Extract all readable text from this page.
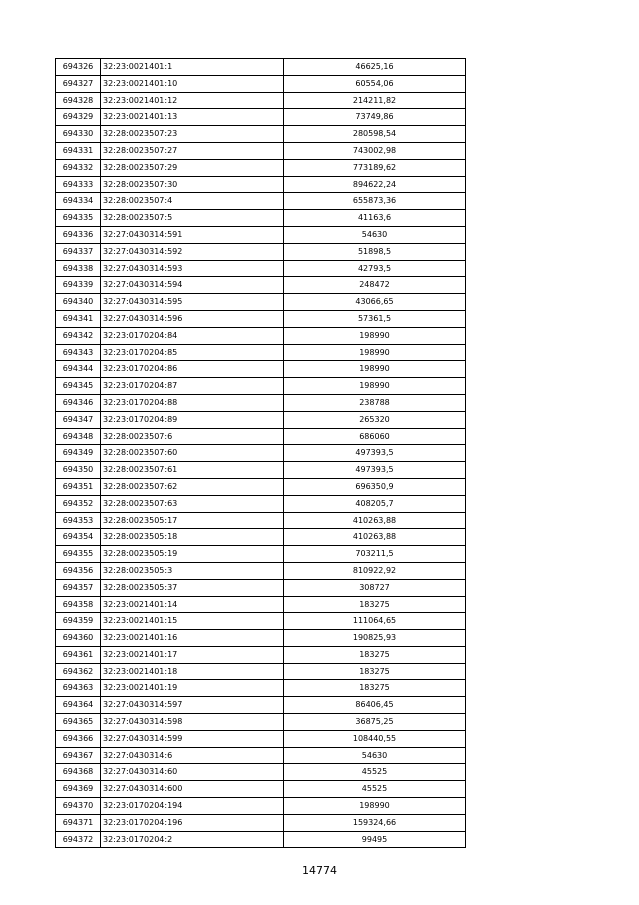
694326	32:23:0021401:1	46625,16
694327	32:23:0021401:10	60554,06
694328	32:23:0021401:12	214211,82
694329	32:23:0021401:13	73749,86
694330	32:28:0023507:23	280598,54
694331	32:28:0023507:27	743002,98
694332	32:28:0023507:29	773189,62
694333	32:28:0023507:30	894622,24
694334	32:28:0023507:4	655873,36
694335	32:28:0023507:5	41163,6
694336	32:27:0430314:591	54630
694337	32:27:0430314:592	51898,5
694338	32:27:0430314:593	42793,5
694339	32:27:0430314:594	248472
694340	32:27:0430314:595	43066,65
694341	32:27:0430314:596	57361,5
694342	32:23:0170204:84	198990
694343	32:23:0170204:85	198990
694344	32:23:0170204:86	198990
694345	32:23:0170204:87	198990
694346	32:23:0170204:88	238788
694347	32:23:0170204:89	265320
694348	32:28:0023507:6	686060
694349	32:28:0023507:60	497393,5
694350	32:28:0023507:61	497393,5
694351	32:28:0023507:62	696350,9
694352	32:28:0023507:63	408205,7
694353	32:28:0023505:17	410263,88
694354	32:28:0023505:18	410263,88
694355	32:28:0023505:19	703211,5
694356	32:28:0023505:3	810922,92
694357	32:28:0023505:37	308727
694358	32:23:0021401:14	183275
694359	32:23:0021401:15	111064,65
694360	32:23:0021401:16	190825,93
694361	32:23:0021401:17	183275
694362	32:23:0021401:18	183275
694363	32:23:0021401:19	183275
694364	32:27:0430314:597	86406,45
694365	32:27:0430314:598	36875,25
694366	32:27:0430314:599	108440,55
694367	32:27:0430314:6	54630
694368	32:27:0430314:60	45525
694369	32:27:0430314:600	45525
694370	32:23:0170204:194	198990
694371	32:23:0170204:196	159324,66
694372	32:23:0170204:2	99495
14774
